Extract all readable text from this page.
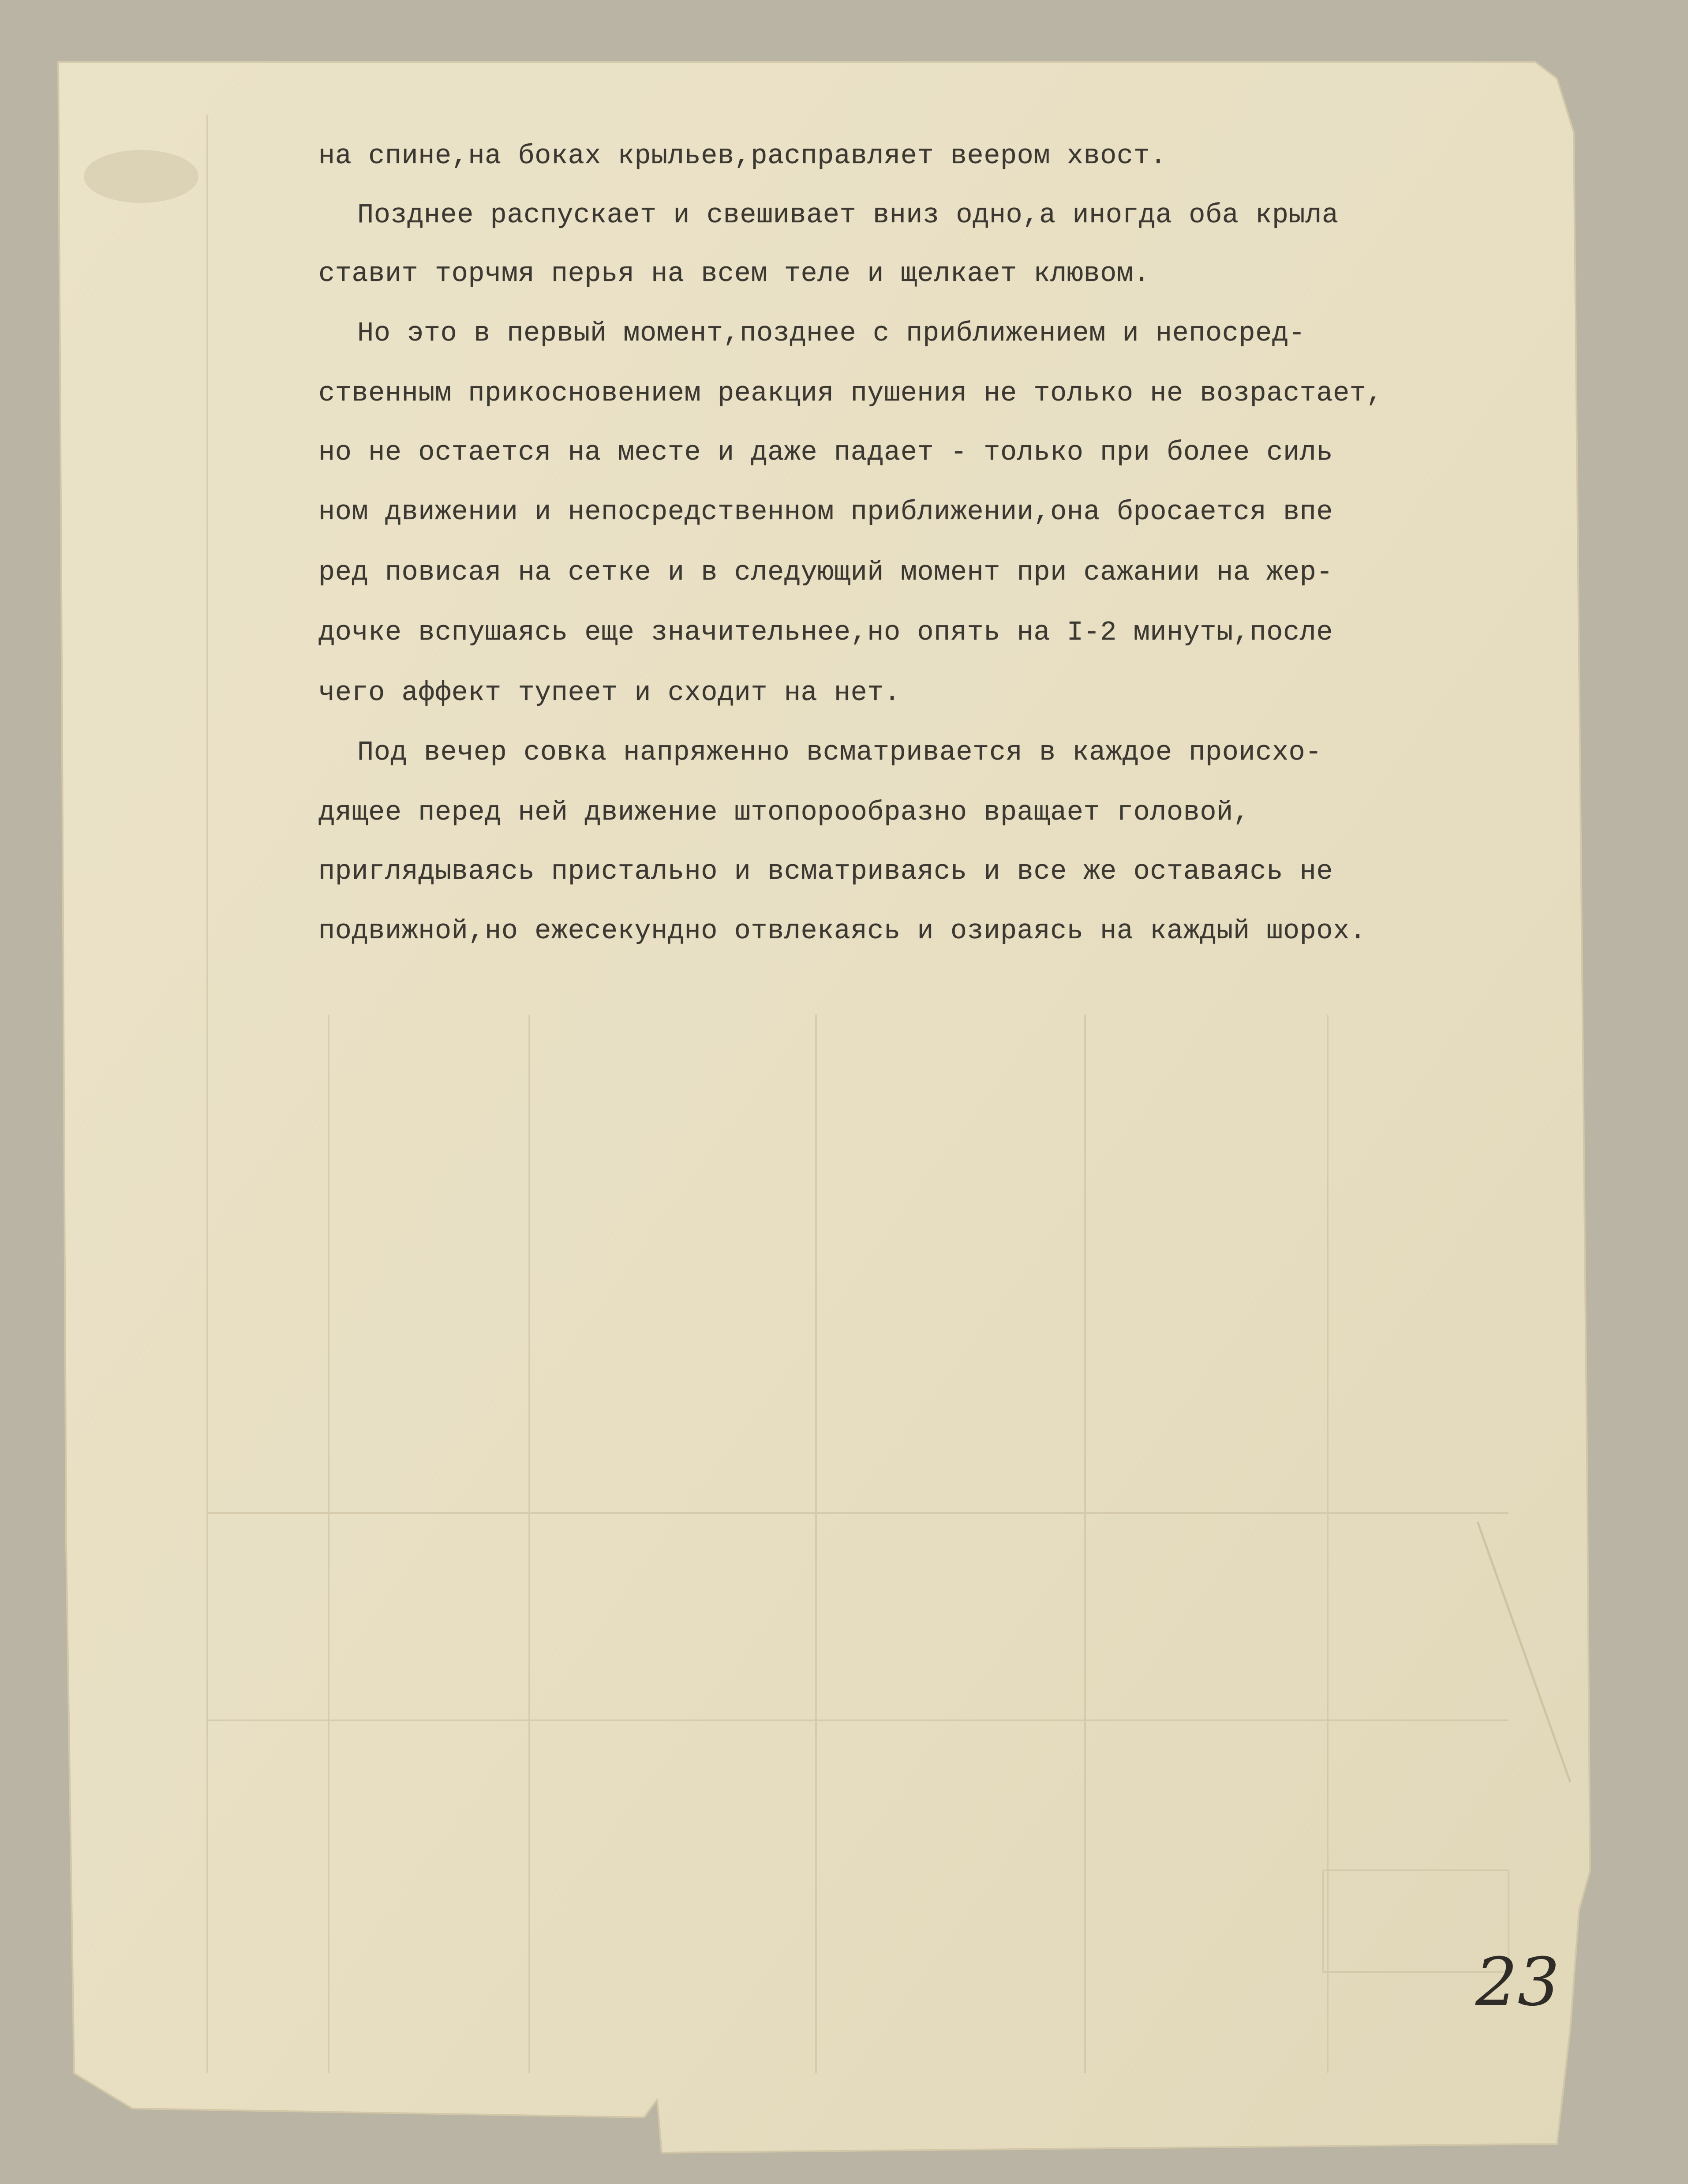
на спине,на боках крыльев,расправляет веером хвост.

Позднее распускает и свешивает вниз одно,а иногда оба крыла

ставит торчмя перья на всем теле и щелкает клювом.

Но это в первый момент,позднее с приближением и непосред-

ственным прикосновением реакция пушения не только не возрастает,

но не остается на месте и даже падает - только при более силь

ном движении и непосредственном приближении,она бросается впе

ред повисая на сетке и в следующий момент при сажании на жер-

дочке вспушаясь еще значительнее,но опять на I-2 минуты,после

чего аффект тупеет и сходит на нет.

Под вечер совка напряженно всматривается в каждое происхо-

дящее перед ней движение штопорообразно вращает головой,

приглядываясь пристально и всматриваясь и все же оставаясь не

подвижной,но ежесекундно отвлекаясь и озираясь на каждый шорох.

23
